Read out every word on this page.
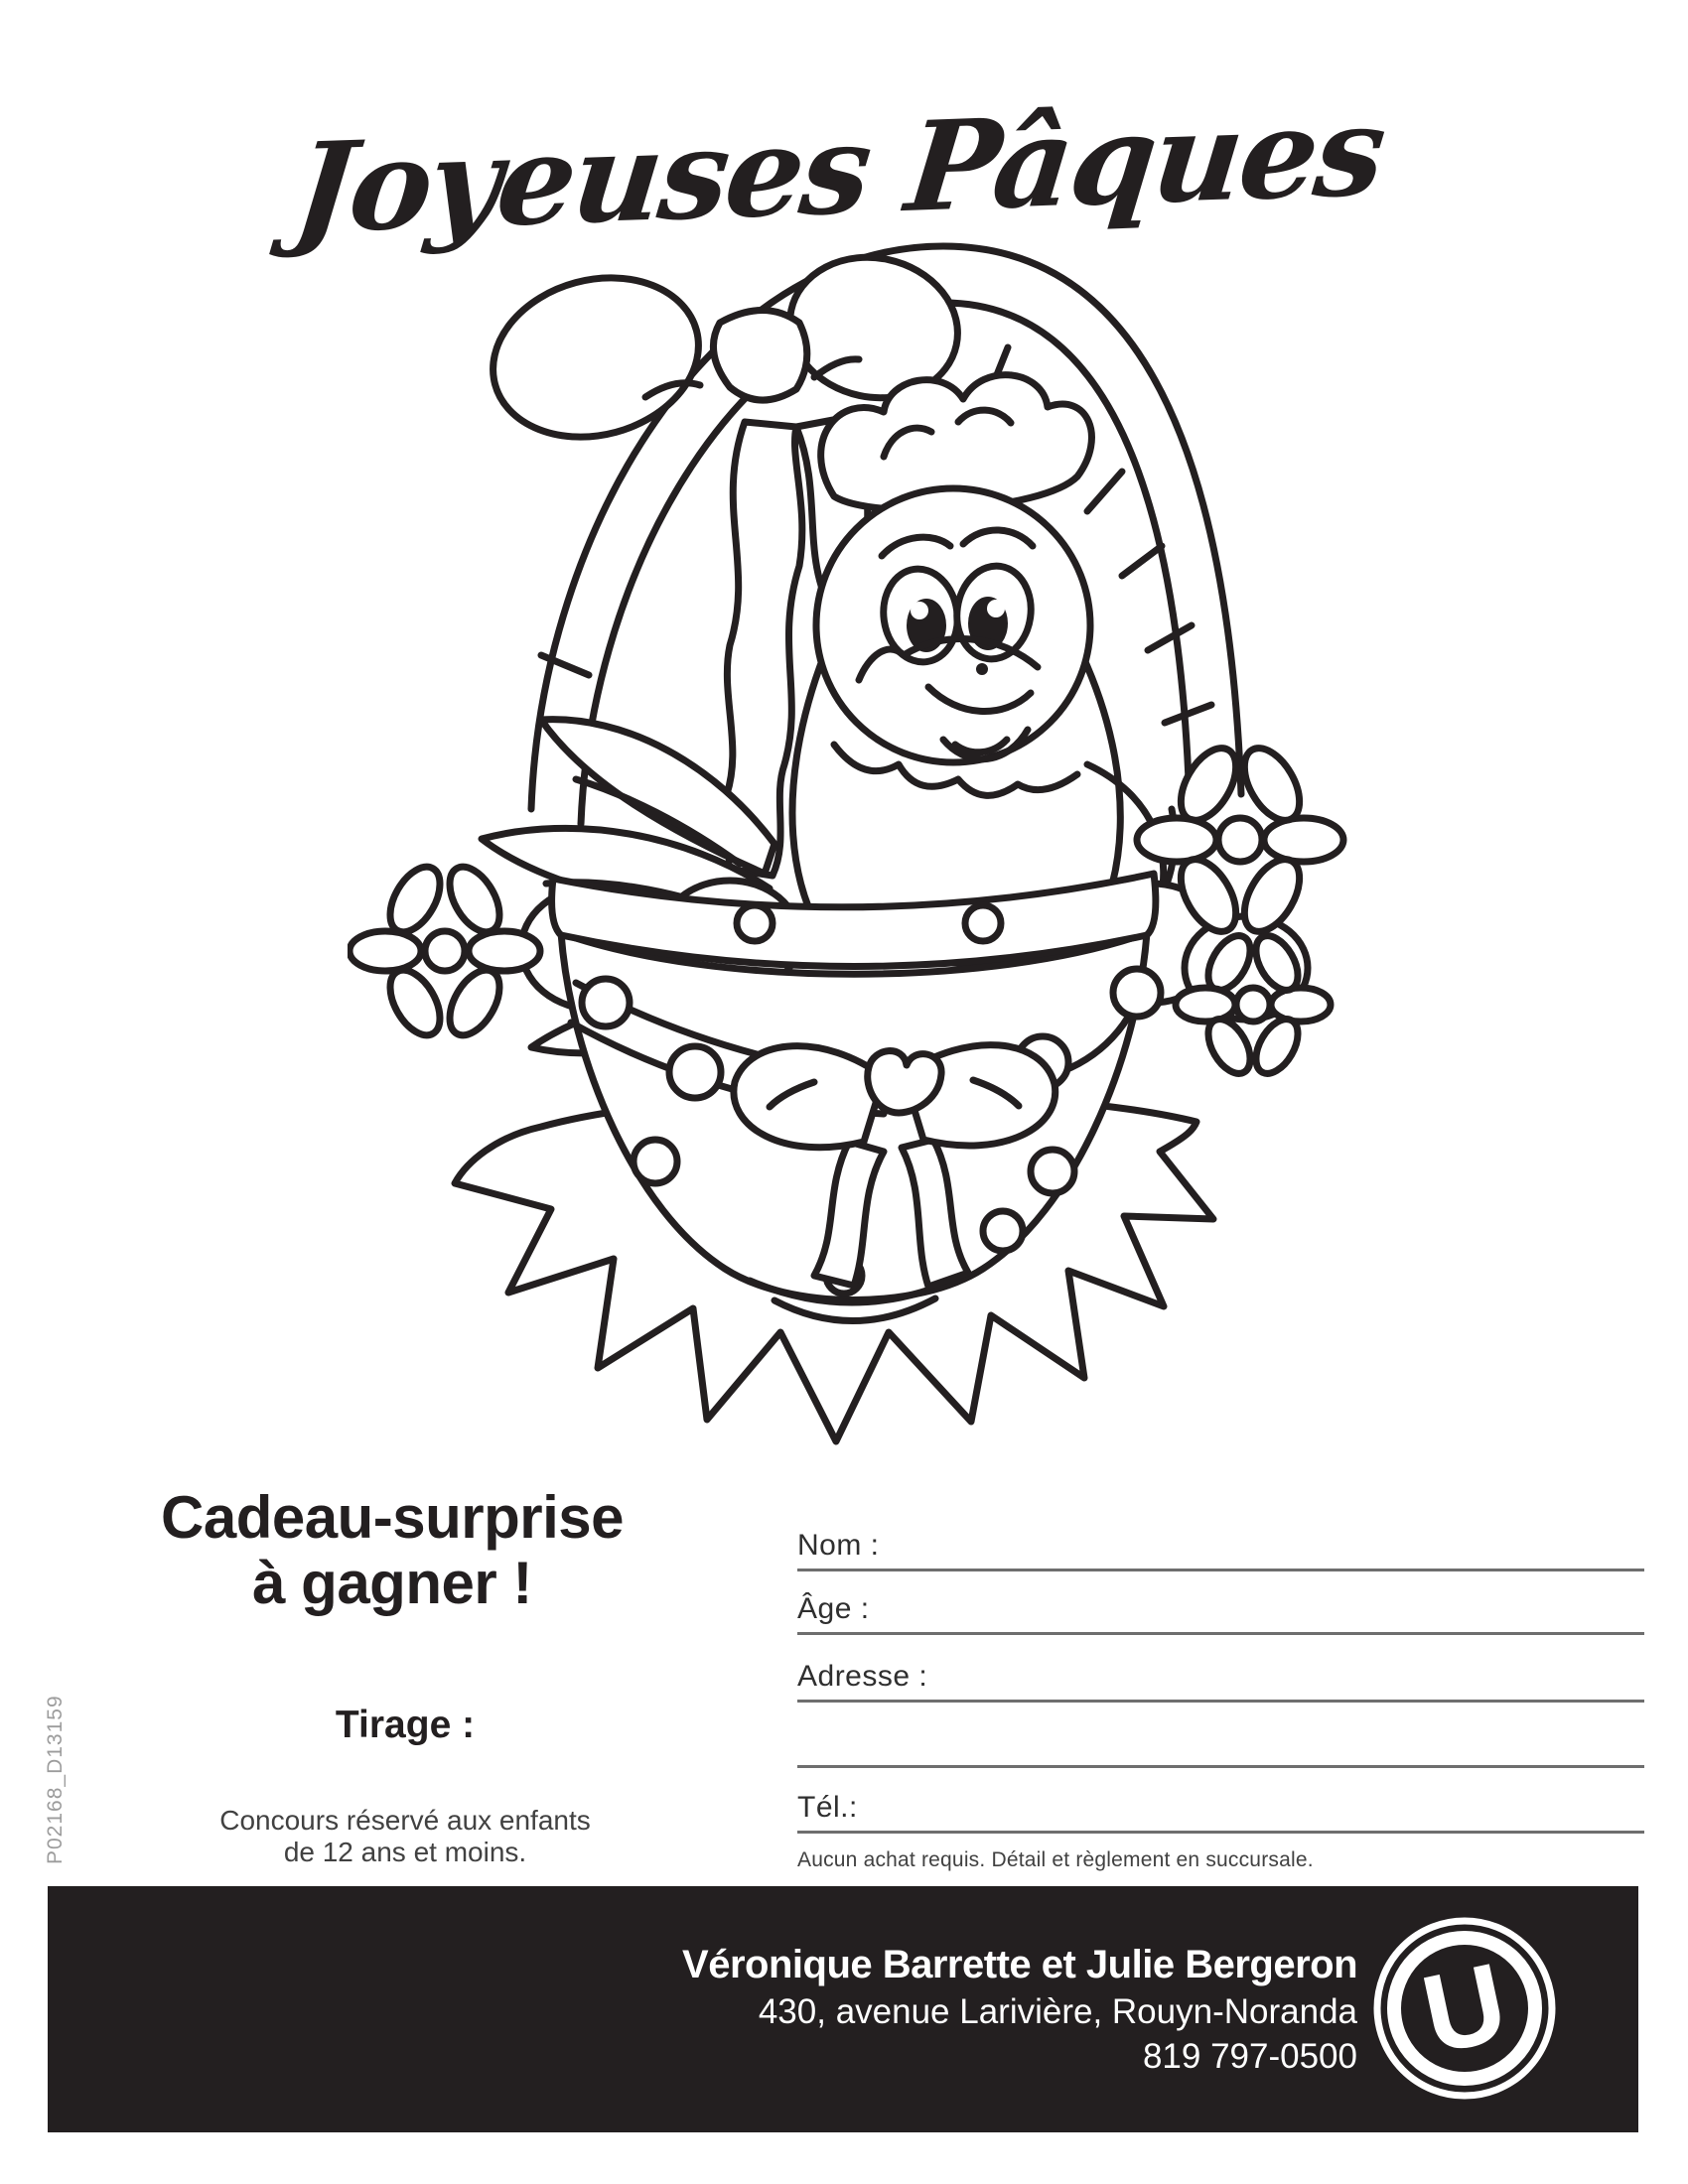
Joyeuses Pâques
Cadeau-surprise
à gagner !
Tirage :
Concours réservé aux enfants
de 12 ans et moins.
Nom :
Âge :
Adresse :
Tél.:
Aucun achat requis. Détail et règlement en succursale.
P02168_D13159
Véronique Barrette et Julie Bergeron
430, avenue Larivière, Rouyn-Noranda
819 797-0500 U
